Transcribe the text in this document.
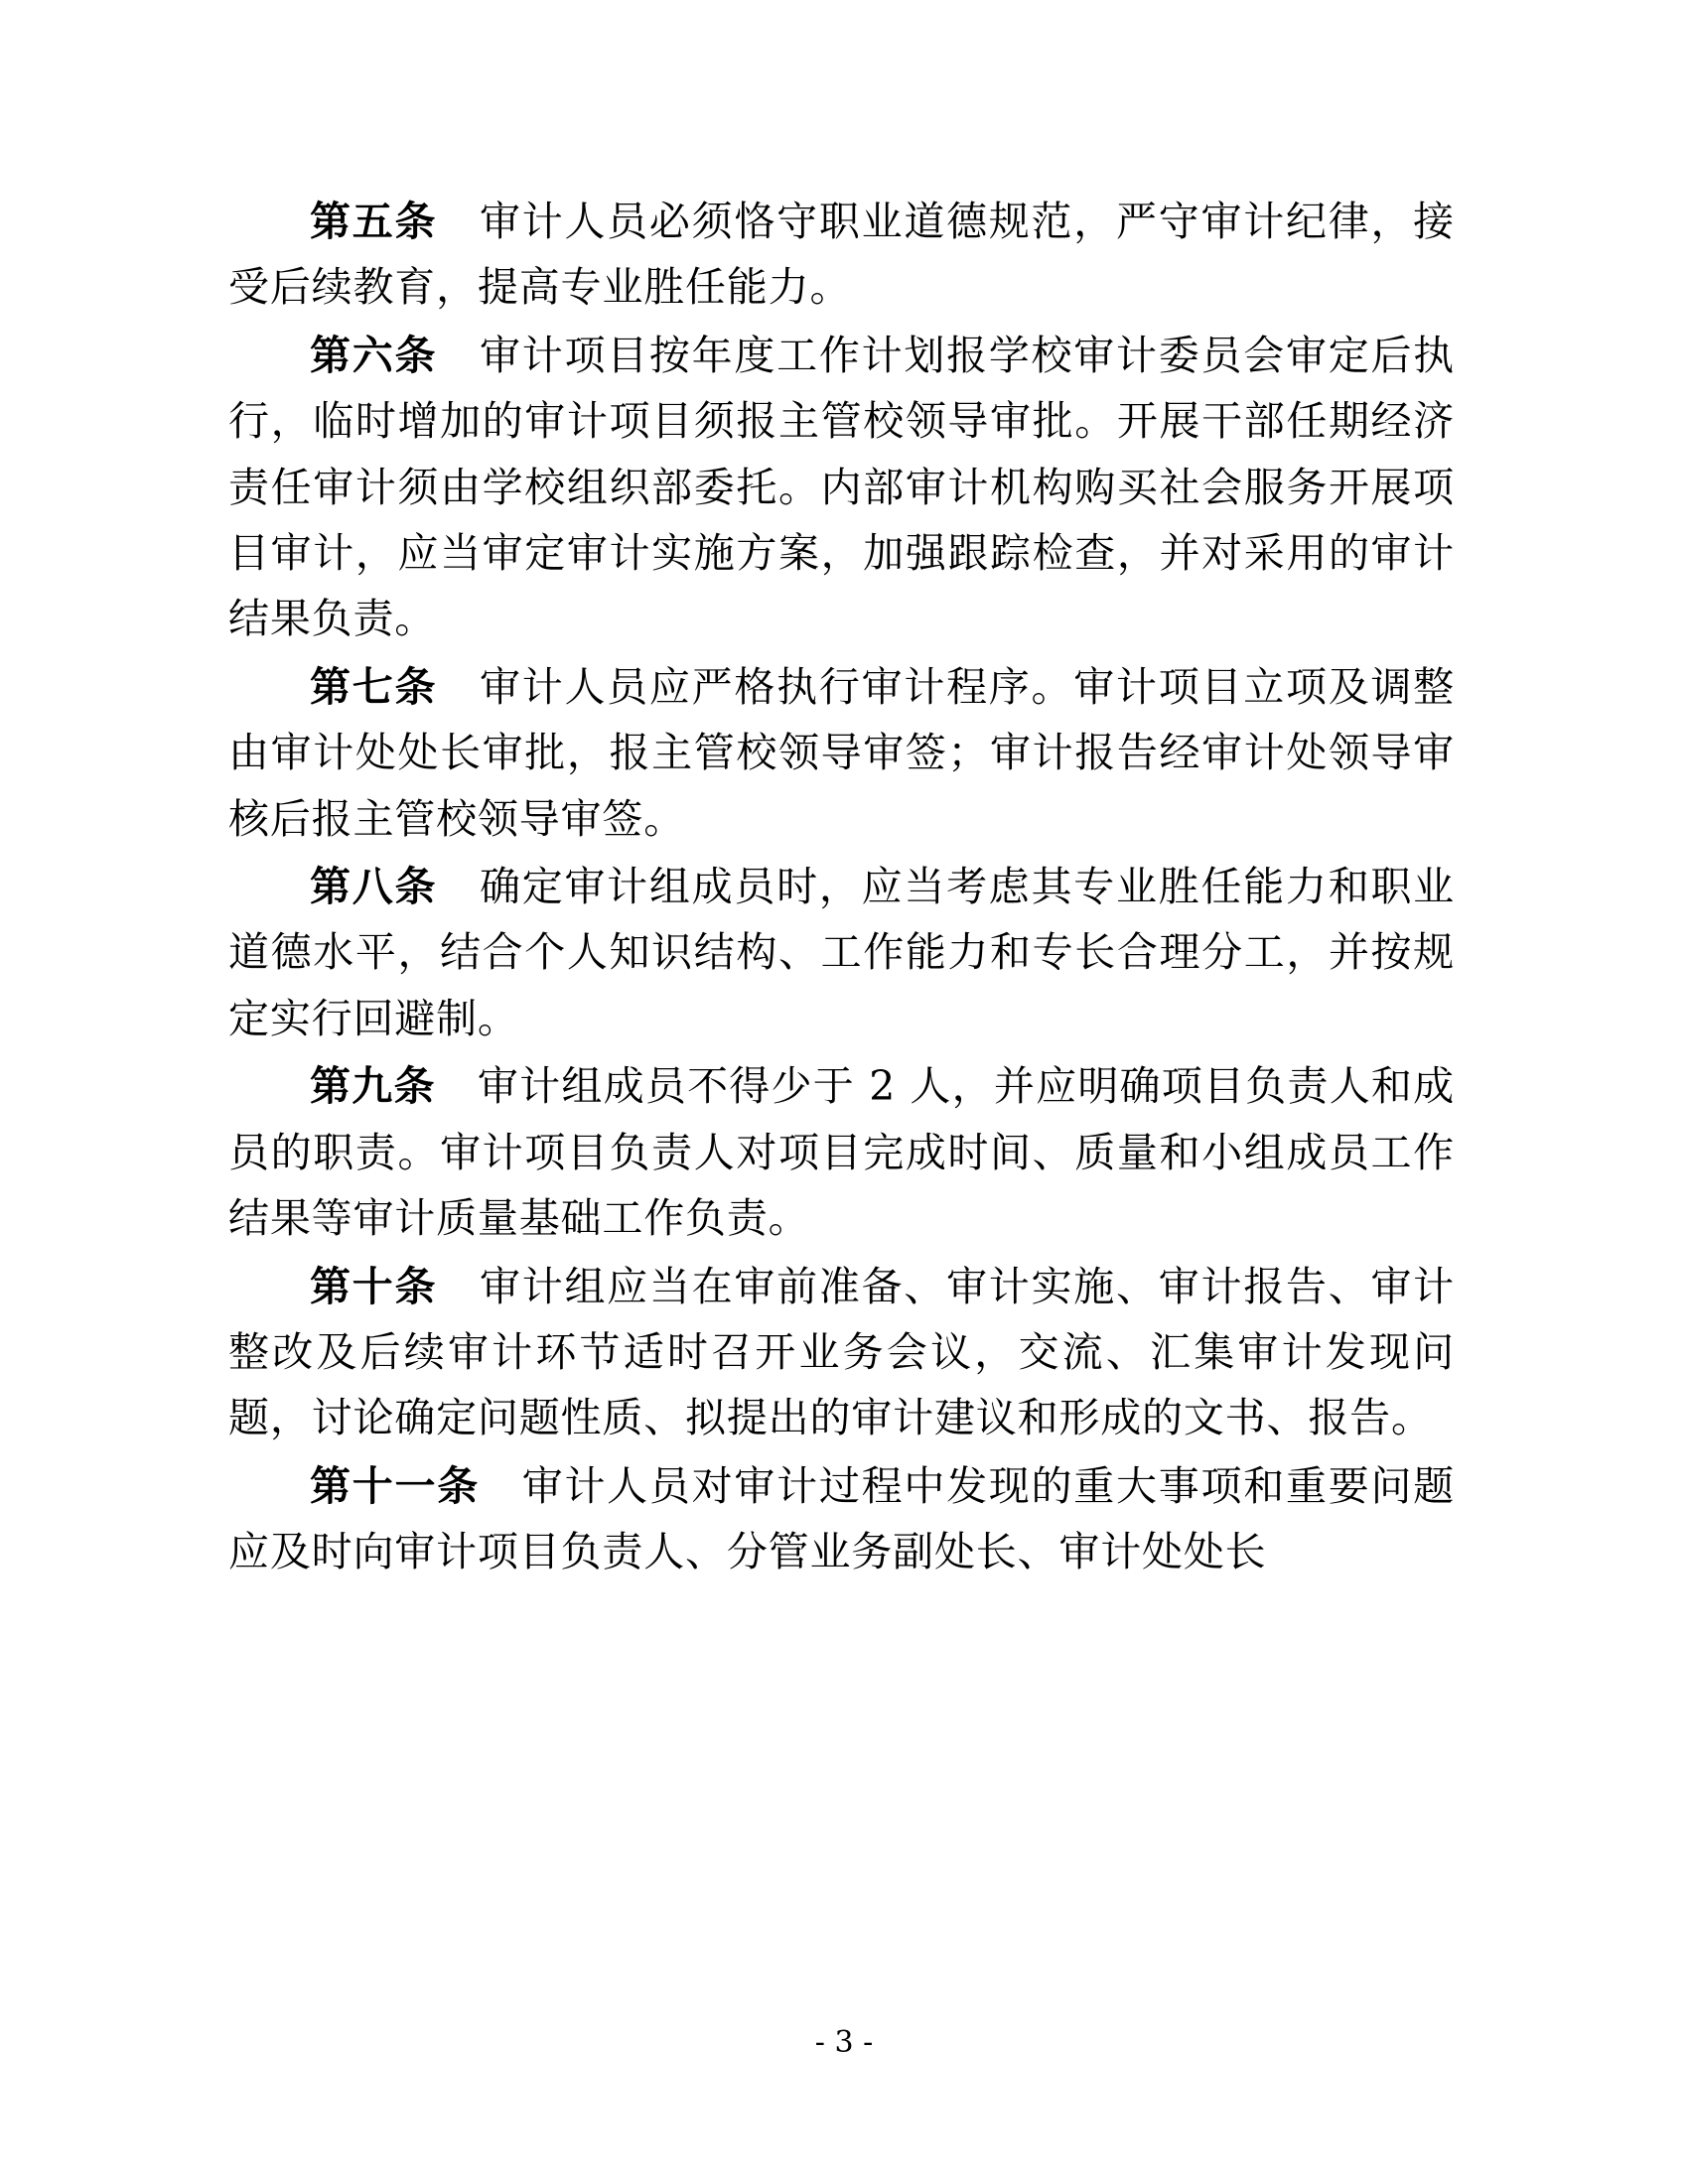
第五条　 审计人员必须恪守职业道德规范，严守审计纪律，接受后续教育，提高专业胜任能力。

第六条　 审计项目按年度工作计划报学校审计委员会审定后执行，临时增加的审计项目须报主管校领导审批。开展干部任期经济责任审计须由学校组织部委托。内部审计机构购买社会服务开展项目审计，应当审定审计实施方案，加强跟踪检查，并对采用的审计结果负责。

第七条　 审计人员应严格执行审计程序。审计项目立项及调整由审计处处长审批，报主管校领导审签；审计报告经审计处领导审核后报主管校领导审签。

第八条　 确定审计组成员时，应当考虑其专业胜任能力和职业道德水平，结合个人知识结构、工作能力和专长合理分工，并按规定实行回避制。

第九条　 审计组成员不得少于 2 人，并应明确项目负责人和成员的职责。审计项目负责人对项目完成时间、质量和小组成员工作结果等审计质量基础工作负责。

第十条　 审计组应当在审前准备、审计实施、审计报告、审计整改及后续审计环节适时召开业务会议，交流、汇集审计发现问题，讨论确定问题性质、拟提出的审计建议和形成的文书、报告。

第十一条　 审计人员对审计过程中发现的重大事项和重要问题应及时向审计项目负责人、分管业务副处长、审计处处长

- 3 -
